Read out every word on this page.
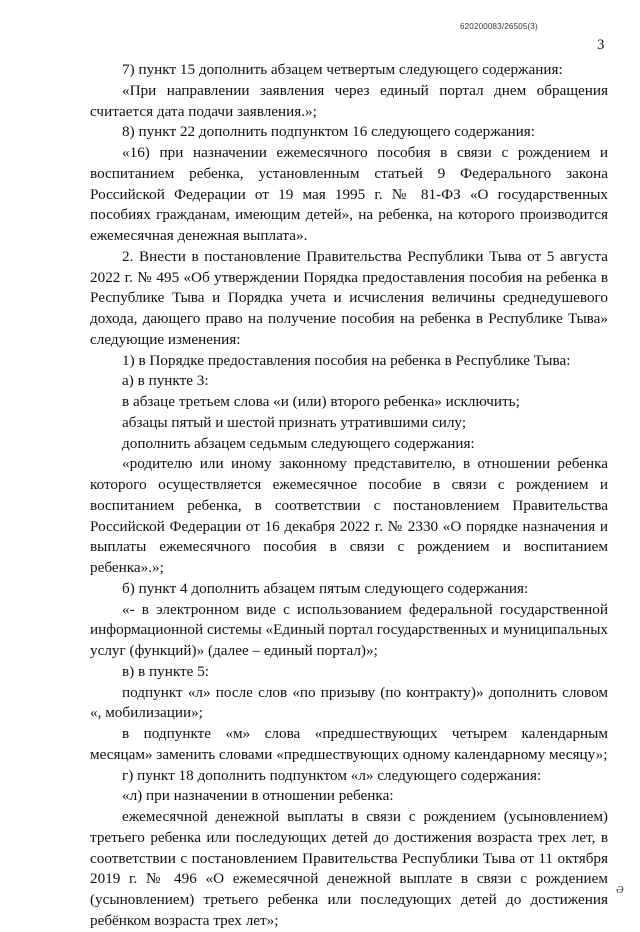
620200083/26505(3)
3

7) пункт 15 дополнить абзацем четвертым следующего содержания:

«При направлении заявления через единый портал днем обращения считается дата подачи заявления.»;

8) пункт 22 дополнить подпунктом 16 следующего содержания:

«16) при назначении ежемесячного пособия в связи с рождением и воспитанием ребенка, установленным статьей 9 Федерального закона Российской Федерации от 19 мая 1995 г. № 81-ФЗ «О государственных пособиях гражданам, имеющим детей», на ребенка, на которого производится ежемесячная денежная выплата».

2. Внести в постановление Правительства Республики Тыва от 5 августа 2022 г. № 495 «Об утверждении Порядка предоставления пособия на ребенка в Республике Тыва и Порядка учета и исчисления величины среднедушевого дохода, дающего право на получение пособия на ребенка в Республике Тыва» следующие изменения:

1) в Порядке предоставления пособия на ребенка в Республике Тыва:

а) в пункте 3:

в абзаце третьем слова «и (или) второго ребенка» исключить;

абзацы пятый и шестой признать утратившими силу;

дополнить абзацем седьмым следующего содержания:

«родителю или иному законному представителю, в отношении ребенка которого осуществляется ежемесячное пособие в связи с рождением и воспитанием ребенка, в соответствии с постановлением Правительства Российской Федерации от 16 декабря 2022 г. № 2330 «О порядке назначения и выплаты ежемесячного пособия в связи с рождением и воспитанием ребенка».»;

б) пункт 4 дополнить абзацем пятым следующего содержания:

«- в электронном виде с использованием федеральной государственной информационной системы «Единый портал государственных и муниципальных услуг (функций)» (далее – единый портал)»;

в) в пункте 5:

подпункт «л» после слов «по призыву (по контракту)» дополнить словом «, мобилизации»;

в подпункте «м» слова «предшествующих четырем календарным месяцам» заменить словами «предшествующих одному календарному месяцу»;

г) пункт 18 дополнить подпунктом «л» следующего содержания:

«л) при назначении в отношении ребенка:

ежемесячной денежной выплаты в связи с рождением (усыновлением) третьего ребенка или последующих детей до достижения возраста трех лет, в соответствии с постановлением Правительства Республики Тыва от 11 октября 2019 г. № 496 «О ежемесячной денежной выплате в связи с рождением (усыновлением) третьего ребенка или последующих детей до достижения ребёнком возраста трех лет»;

Ә
